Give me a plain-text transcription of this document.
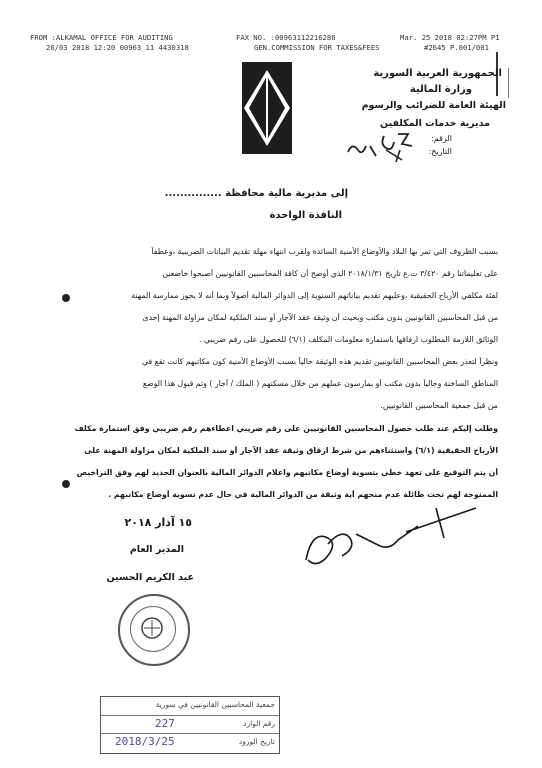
FROM :ALKAMAL OFFICE FOR AUDITING	FAX NO. :00963112216286	Mar. 25 2018 02:27PM P1
26/03 2018 12:20 00963 11 4430318	GEN.COMMISSION FOR TAXES&FEES	#2645 P.001/001
الجمهورية العربية السورية
وزارة المالية
الهيئة العامة للضرائب والرسوم
مديرية خدمات المكلفين
الرقم:
التاريخ:
إلى مديرية مالية محافظة ...............
النافذة الواحدة
بسبب الظروف التي تمر بها البلاد والأوضاع الأمنية السائدة ولقرب انتهاء مهلة تقديم البيانات الضريبية ،وعطفاً
على تعليماتنا رقم ٣/٤٢٠ ت.ع تاريخ ٢٠١٨/١/٣١ الذي أوضح أن كافة المحاسبين القانونيين أصبحوا خاضعين
لفئة مكلفي الأرباح الحقيقية ،وعليهم تقديم بياناتهم السنوية إلى الدوائر المالية أصولاً وبما أنه لا يجوز ممارسة المهنة
من قبل المحاسبين القانونيين بدون مكتب وبحيث أن وثيقة عقد الآجار أو سند الملكية لمكان مزاولة المهنة إحدى
الوثائق اللازمة المطلوب ارفاقها باستمارة معلومات المكلف (٦/١) للحصول على رقم ضريبي .
ونظراً لتعذر بعض المحاسبين القانونيين تقديم هذه الوثيقة حالياً بسبب الأوضاع الأمنية كون مكاتبهم كانت تقع في
المناطق الساخنة وحالياً بدون مكتب أو يمارسون عملهم من خلال مسكنهم ( الملك / آجار ) وتم قبول هذا الوضع
من قبل جمعية المحاسبين القانونيين.
وطلب إليكم عند طلب حصول المحاسبين القانونيين على رقم ضريبي اعطاءهم رقم ضريبي وفق استمارة مكلف
الأرباح الحقيقية (٦/١) واستثناءهم من شرط ارفاق وثيقة عقد الآجار أو سند الملكية لمكان مزاولة المهنة على
أن يتم التوقيع على تعهد خطي بتسوية أوضاع مكاتبهم واعلام الدوائر المالية بالعنوان الجديد لهم وفق التراخيص
الممنوحة لهم تحت طائلة عدم منحهم أية وثيقة من الدوائر المالية في حال عدم تسوية أوضاع مكاتبهم .
١٥ آذار ٢٠١٨
المدير العام
عبد الكريم الحسين
جمعية المحاسبين القانونيين في سورية
رقم الوارد
227
تاريخ الورود
2018/3/25
